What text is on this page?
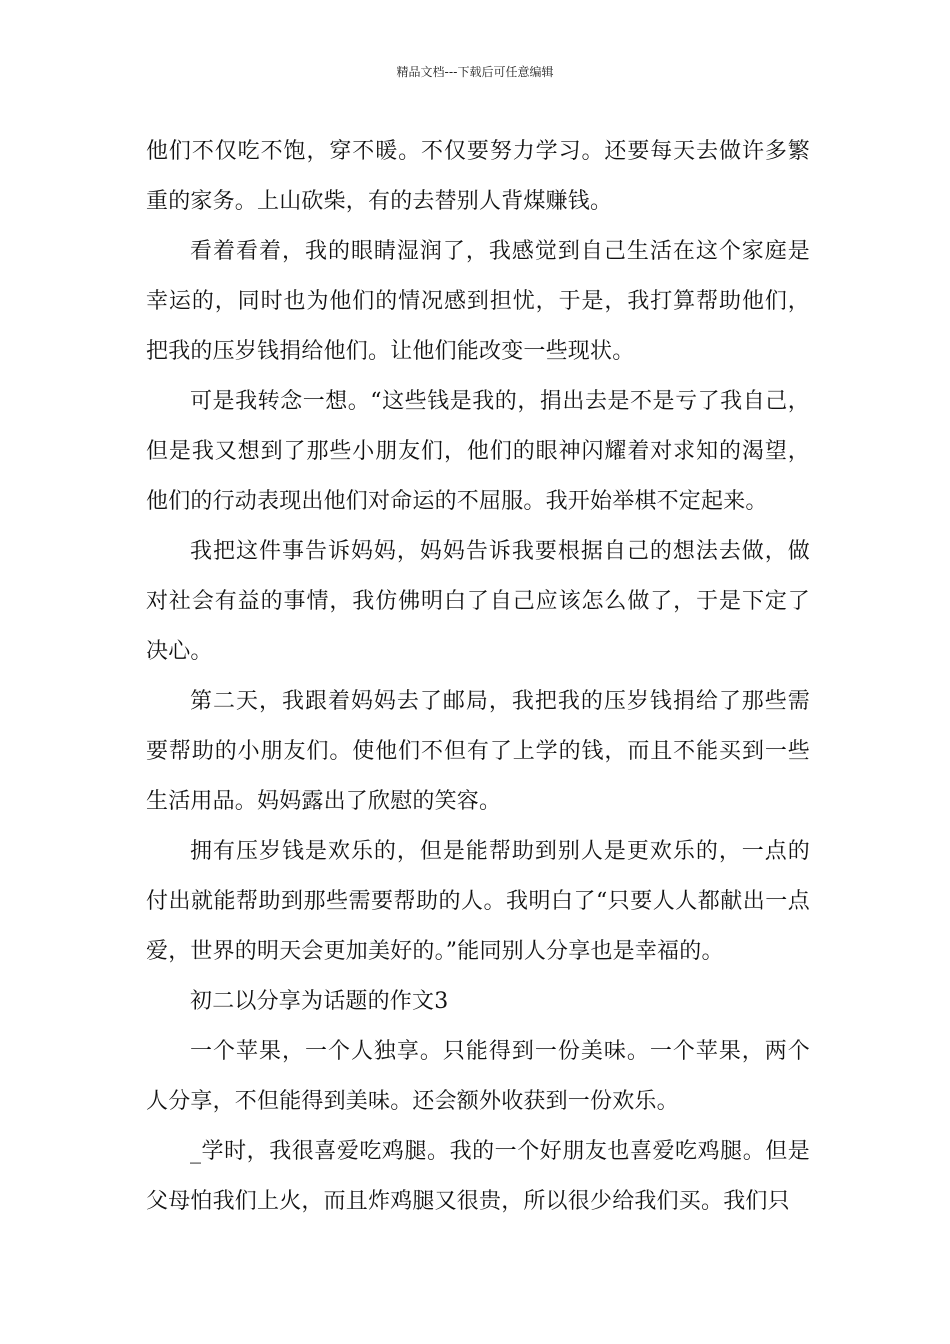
精品文档---下载后可任意编辑

他们不仅吃不饱，穿不暖。不仅要努力学习。还要每天去做许多繁重的家务。上山砍柴，有的去替别人背煤赚钱。

看着看着，我的眼睛湿润了，我感觉到自己生活在这个家庭是幸运的，同时也为他们的情况感到担忧，于是，我打算帮助他们，把我的压岁钱捐给他们。让他们能改变一些现状。

可是我转念一想。“这些钱是我的，捐出去是不是亏了我自己，但是我又想到了那些小朋友们，他们的眼神闪耀着对求知的渴望，他们的行动表现出他们对命运的不屈服。我开始举棋不定起来。

我把这件事告诉妈妈，妈妈告诉我要根据自己的想法去做，做对社会有益的事情，我仿佛明白了自己应该怎么做了，于是下定了决心。

第二天，我跟着妈妈去了邮局，我把我的压岁钱捐给了那些需要帮助的小朋友们。使他们不但有了上学的钱，而且不能买到一些生活用品。妈妈露出了欣慰的笑容。

拥有压岁钱是欢乐的，但是能帮助到别人是更欢乐的，一点的付出就能帮助到那些需要帮助的人。我明白了“只要人人都献出一点爱，世界的明天会更加美好的。”能同别人分享也是幸福的。

初二以分享为话题的作文3

一个苹果，一个人独享。只能得到一份美味。一个苹果，两个人分享，不但能得到美味。还会额外收获到一份欢乐。

_学时，我很喜爱吃鸡腿。我的一个好朋友也喜爱吃鸡腿。但是父母怕我们上火，而且炸鸡腿又很贵，所以很少给我们买。我们只
